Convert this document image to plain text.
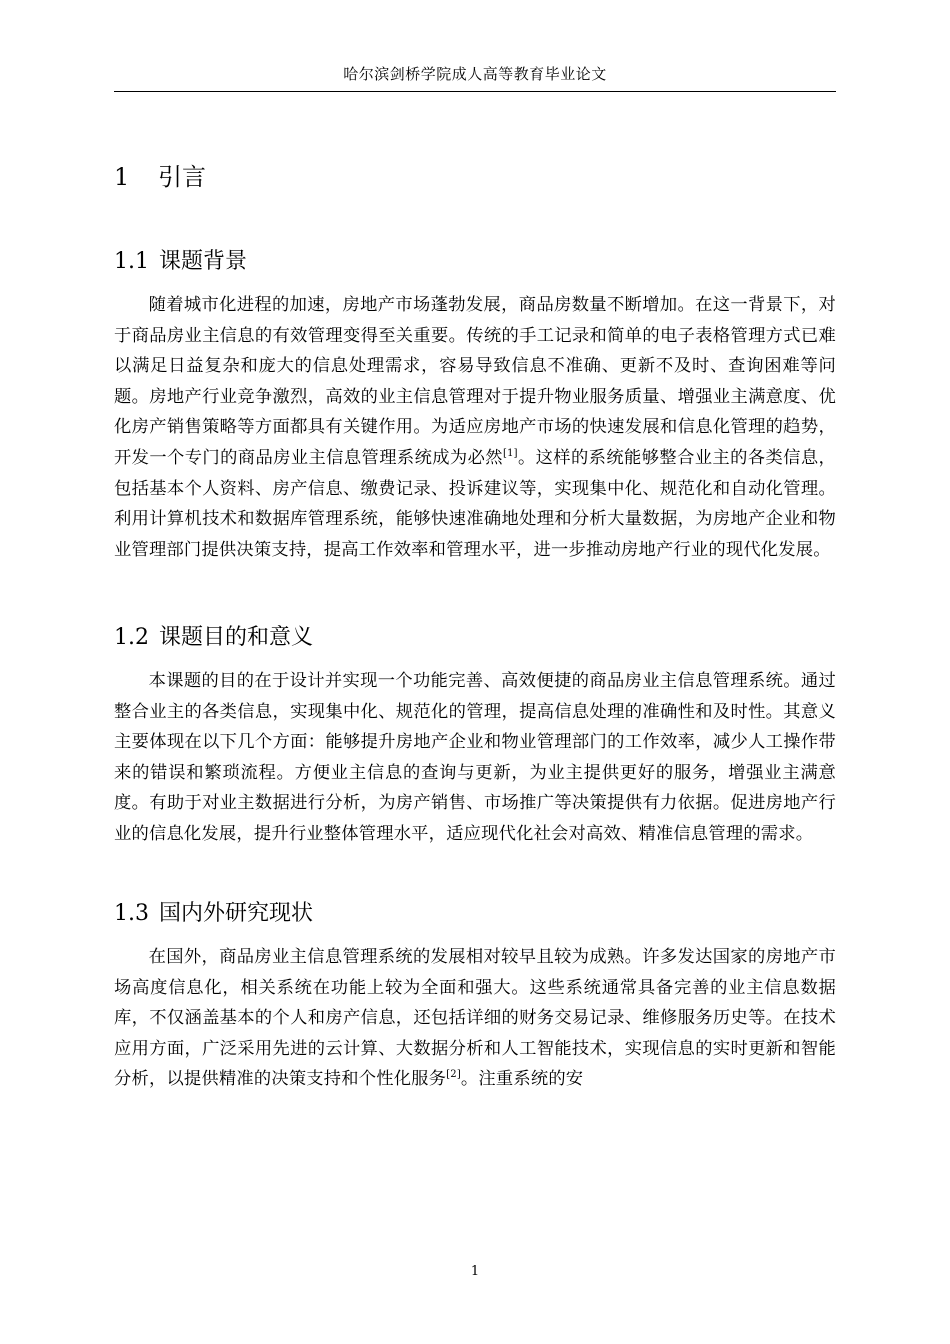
哈尔滨剑桥学院成人高等教育毕业论文
1 引言
1.1 课题背景

随着城市化进程的加速，房地产市场蓬勃发展，商品房数量不断增加。在这一背景下，对于商品房业主信息的有效管理变得至关重要。传统的手工记录和简单的电子表格管理方式已难以满足日益复杂和庞大的信息处理需求，容易导致信息不准确、更新不及时、查询困难等问题。房地产行业竞争激烈，高效的业主信息管理对于提升物业服务质量、增强业主满意度、优化房产销售策略等方面都具有关键作用。为适应房地产市场的快速发展和信息化管理的趋势，开发一个专门的商品房业主信息管理系统成为必然[1]。这样的系统能够整合业主的各类信息，包括基本个人资料、房产信息、缴费记录、投诉建议等，实现集中化、规范化和自动化管理。利用计算机技术和数据库管理系统，能够快速准确地处理和分析大量数据，为房地产企业和物业管理部门提供决策支持，提高工作效率和管理水平，进一步推动房地产行业的现代化发展。

1.2 课题目的和意义

本课题的目的在于设计并实现一个功能完善、高效便捷的商品房业主信息管理系统。通过整合业主的各类信息，实现集中化、规范化的管理，提高信息处理的准确性和及时性。其意义主要体现在以下几个方面：能够提升房地产企业和物业管理部门的工作效率，减少人工操作带来的错误和繁琐流程。方便业主信息的查询与更新，为业主提供更好的服务，增强业主满意度。有助于对业主数据进行分析，为房产销售、市场推广等决策提供有力依据。促进房地产行业的信息化发展，提升行业整体管理水平，适应现代化社会对高效、精准信息管理的需求。

1.3 国内外研究现状

在国外，商品房业主信息管理系统的发展相对较早且较为成熟。许多发达国家的房地产市场高度信息化，相关系统在功能上较为全面和强大。这些系统通常具备完善的业主信息数据库，不仅涵盖基本的个人和房产信息，还包括详细的财务交易记录、维修服务历史等。在技术应用方面，广泛采用先进的云计算、大数据分析和人工智能技术，实现信息的实时更新和智能分析，以提供精准的决策支持和个性化服务[2]。注重系统的安

1
